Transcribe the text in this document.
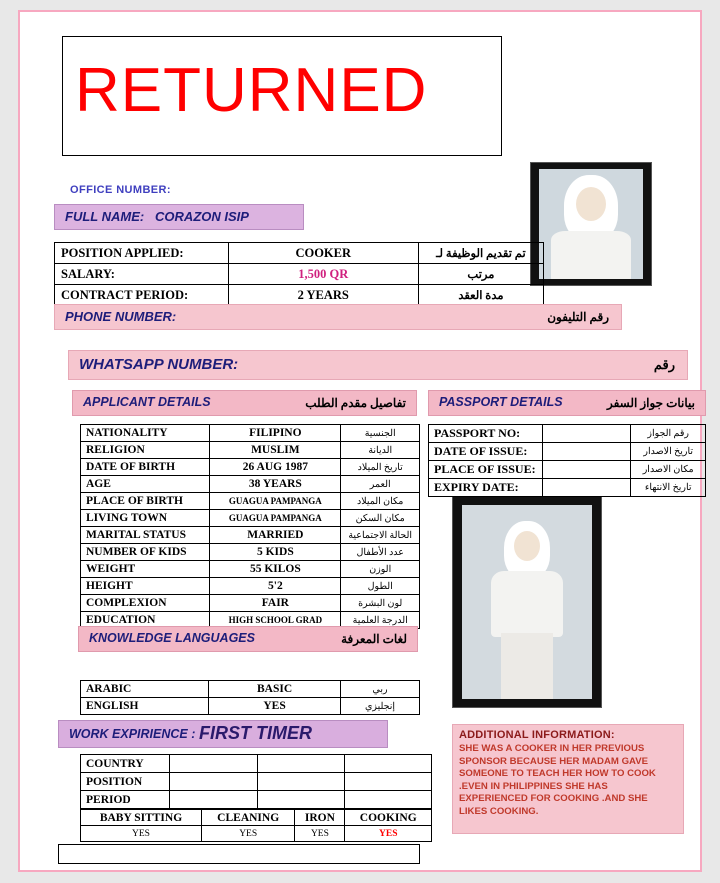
RETURNED
OFFICE NUMBER:
FULL NAME: CORAZON ISIP
POSITION APPLIED:	COOKER	تم تقديم الوظيفة لـ
SALARY:	1,500 QR	مرتب
CONTRACT PERIOD:	2 YEARS	مدة العقد
PHONE NUMBER:	رقم التليفون
WHATSAPP NUMBER:	رقم
APPLICANT DETAILS	تفاصيل مقدم الطلب	PASSPORT DETAILS	بيانات جواز السفر
NATIONALITY	FILIPINO	الجنسية
RELIGION	MUSLIM	الديانة
DATE OF BIRTH	26 AUG 1987	تاريخ الميلاد
AGE	38 YEARS	العمر
PLACE OF BIRTH	GUAGUA PAMPANGA	مكان الميلاد
LIVING TOWN	GUAGUA PAMPANGA	مكان السكن
MARITAL STATUS	MARRIED	الحالة الاجتماعية
NUMBER OF KIDS	5 KIDS	عدد الأطفال
WEIGHT	55 KILOS	الوزن
HEIGHT	5'2	الطول
COMPLEXION	FAIR	لون البشرة
EDUCATION	HIGH SCHOOL GRAD	الدرجة العلمية
PASSPORT NO:		رقم الجواز
DATE OF ISSUE:		تاريخ الاصدار
PLACE OF ISSUE:		مكان الاصدار
EXPIRY DATE:		تاريخ الانتهاء
KNOWLEDGE LANGUAGES	لغات المعرفة
ARABIC	BASIC	ربي
ENGLISH	YES	إنجليزي
WORK EXPIRIENCE : FIRST TIMER
COUNTRY			
POSITION			
PERIOD			
BABY SITTING	CLEANING	IRON	COOKING
YES	YES	YES	YES
ADDITIONAL INFORMATION:
SHE WAS A COOKER IN HER PREVIOUS SPONSOR BECAUSE HER MADAM GAVE SOMEONE TO TEACH HER HOW TO COOK .EVEN IN PHILIPPINES SHE HAS EXPERIENCED FOR COOKING .AND SHE LIKES COOKING.
